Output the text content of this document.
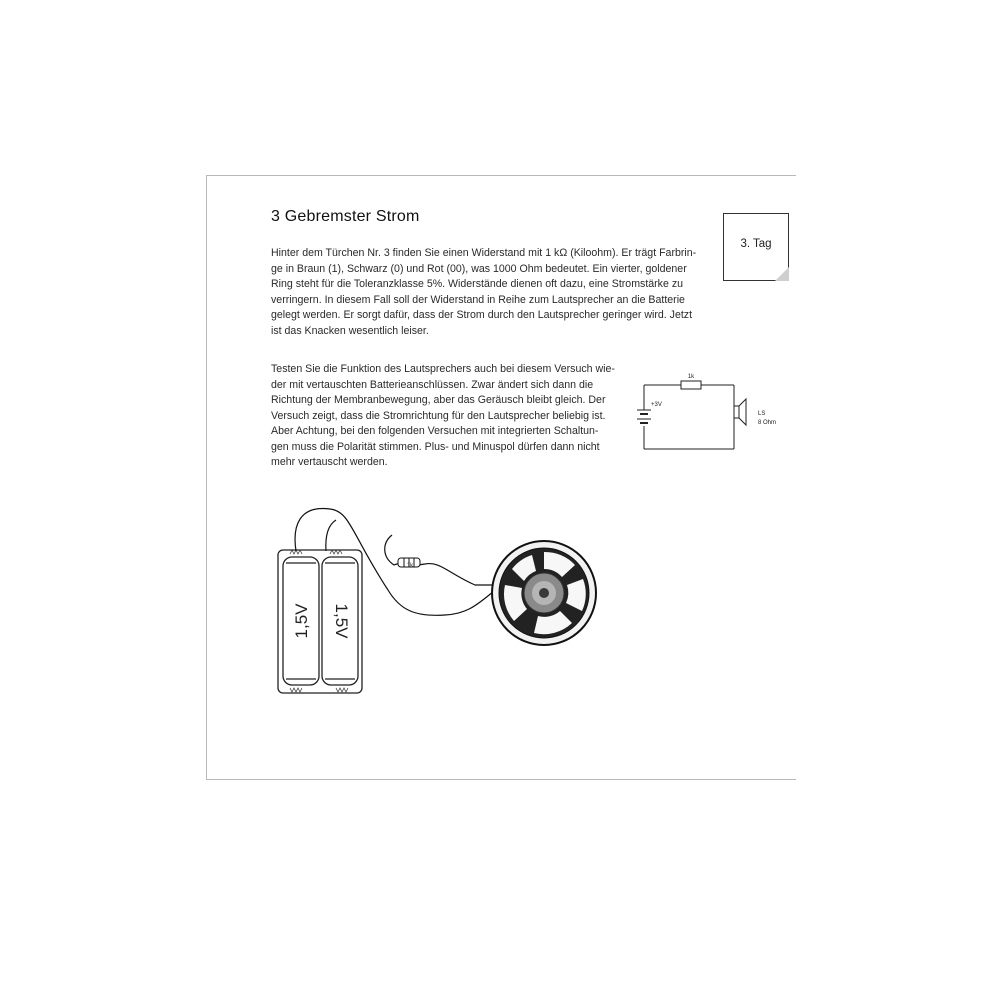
3 Gebremster Strom
3. Tag

Hinter dem Türchen Nr. 3 finden Sie einen Widerstand mit 1 kΩ (Kiloohm). Er trägt Farbrin-
ge in Braun (1), Schwarz (0) und Rot (00), was 1000 Ohm bedeutet. Ein vierter, goldener
Ring steht für die Toleranzklasse 5%. Widerstände dienen oft dazu, eine Stromstärke zu
verringern. In diesem Fall soll der Widerstand in Reihe zum Lautsprecher an die Batterie
gelegt werden. Er sorgt dafür, dass der Strom durch den Lautsprecher geringer wird. Jetzt
ist das Knacken wesentlich leiser.

Testen Sie die Funktion des Lautsprechers auch bei diesem Versuch wie-
der mit vertauschten Batterieanschlüssen. Zwar ändert sich dann die
Richtung der Membranbewegung, aber das Geräusch bleibt gleich. Der
Versuch zeigt, dass die Stromrichtung für den Lautsprecher beliebig ist.
Aber Achtung, bei den folgenden Versuchen mit integrierten Schaltun-
gen muss die Polarität stimmen. Plus- und Minuspol dürfen dann nicht
mehr vertauscht werden.

1k
+3V
LS
8 Ohm
1,5V 1,5V
1k
